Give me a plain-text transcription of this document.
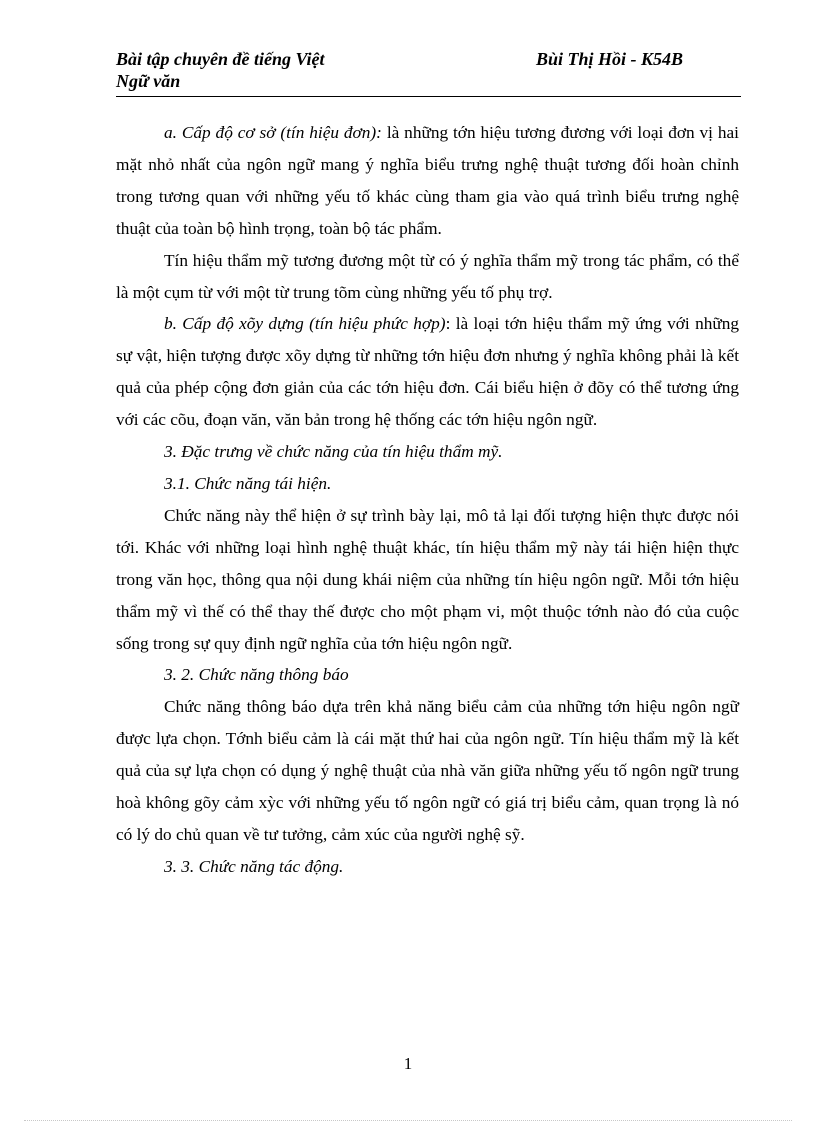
Bài tập chuyên đề tiếng Việt
Ngữ văn
Bùi Thị Hồi - K54B

a. Cấp độ cơ sở (tín hiệu đơn): là những tớn hiệu tương đương với loại đơn vị hai mặt nhỏ nhất của ngôn ngữ mang ý nghĩa biểu trưng nghệ thuật tương đối hoàn chỉnh trong tương quan với những yếu tố khác cùng tham gia vào quá trình biểu trưng nghệ thuật của toàn bộ hình trọng, toàn bộ tác phẩm.

Tín hiệu thẩm mỹ tương đương một từ có ý nghĩa thẩm mỹ trong tác phẩm, có thể là một cụm từ với một từ trung tõm cùng những yếu tố phụ trợ.

b. Cấp độ xõy dựng (tín hiệu phức hợp): là loại tớn hiệu thẩm mỹ ứng với những sự vật, hiện tượng được xõy dựng từ những tớn hiệu đơn nhưng ý nghĩa không phải là kết quả của phép cộng đơn giản của các tớn hiệu đơn. Cái biểu hiện ở đõy có thể tương ứng với các cõu, đoạn văn, văn bản trong hệ thống các tớn hiệu ngôn ngữ.

3. Đặc trưng về chức năng của tín hiệu thẩm mỹ.

3.1. Chức năng tái hiện.

Chức năng này thể hiện ở sự trình bày lại, mô tả lại đối tượng hiện thực được nói tới. Khác với những loại hình nghệ thuật khác, tín hiệu thẩm mỹ này tái hiện hiện thực trong văn học, thông qua nội dung khái niệm của những tín hiệu ngôn ngữ. Mỗi tớn hiệu thẩm mỹ vì thế có thể thay thế được cho một phạm vi, một thuộc tớnh nào đó của cuộc sống trong sự quy định ngữ nghĩa của tớn hiệu ngôn ngữ.

3. 2. Chức năng thông báo

Chức năng thông báo dựa trên khả năng biểu cảm của những tớn hiệu ngôn ngữ được lựa chọn. Tớnh biểu cảm là cái mặt thứ hai của ngôn ngữ. Tín hiệu thẩm mỹ là kết quả của sự lựa chọn có dụng ý nghệ thuật của nhà văn giữa những yếu tố ngôn ngữ trung hoà không gõy cảm xỳc với những yếu tố ngôn ngữ có giá trị biểu cảm, quan trọng là nó có lý do chủ quan về tư tưởng, cảm xúc của người nghệ sỹ.

3. 3. Chức năng tác động.

1
